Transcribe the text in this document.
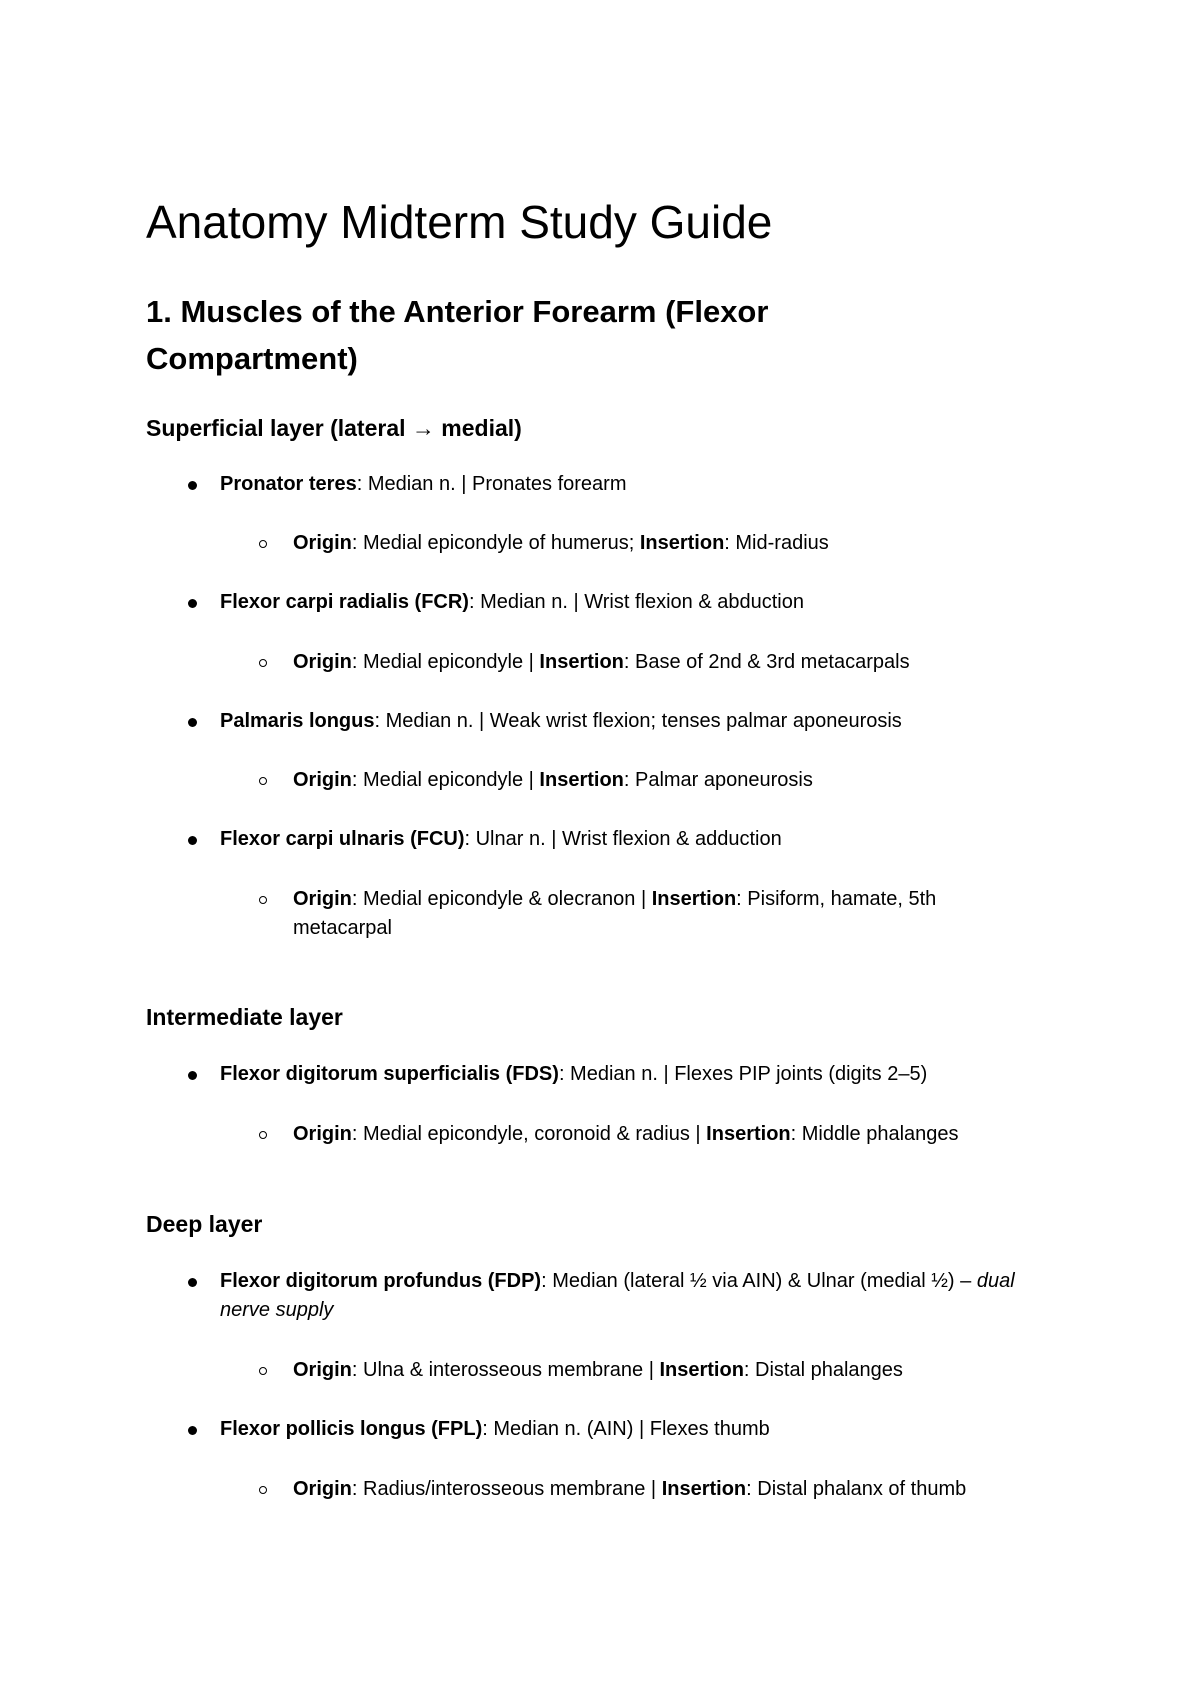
Anatomy Midterm Study Guide
1. Muscles of the Anterior Forearm (Flexor Compartment)
Superficial layer (lateral → medial)
Pronator teres: Median n. | Pronates forearm
Origin: Medial epicondyle of humerus; Insertion: Mid-radius
Flexor carpi radialis (FCR): Median n. | Wrist flexion & abduction
Origin: Medial epicondyle | Insertion: Base of 2nd & 3rd metacarpals
Palmaris longus: Median n. | Weak wrist flexion; tenses palmar aponeurosis
Origin: Medial epicondyle | Insertion: Palmar aponeurosis
Flexor carpi ulnaris (FCU): Ulnar n. | Wrist flexion & adduction
Origin: Medial epicondyle & olecranon | Insertion: Pisiform, hamate, 5th metacarpal
Intermediate layer
Flexor digitorum superficialis (FDS): Median n. | Flexes PIP joints (digits 2–5)
Origin: Medial epicondyle, coronoid & radius | Insertion: Middle phalanges
Deep layer
Flexor digitorum profundus (FDP): Median (lateral ½ via AIN) & Ulnar (medial ½) – dual nerve supply
Origin: Ulna & interosseous membrane | Insertion: Distal phalanges
Flexor pollicis longus (FPL): Median n. (AIN) | Flexes thumb
Origin: Radius/interosseous membrane | Insertion: Distal phalanx of thumb
